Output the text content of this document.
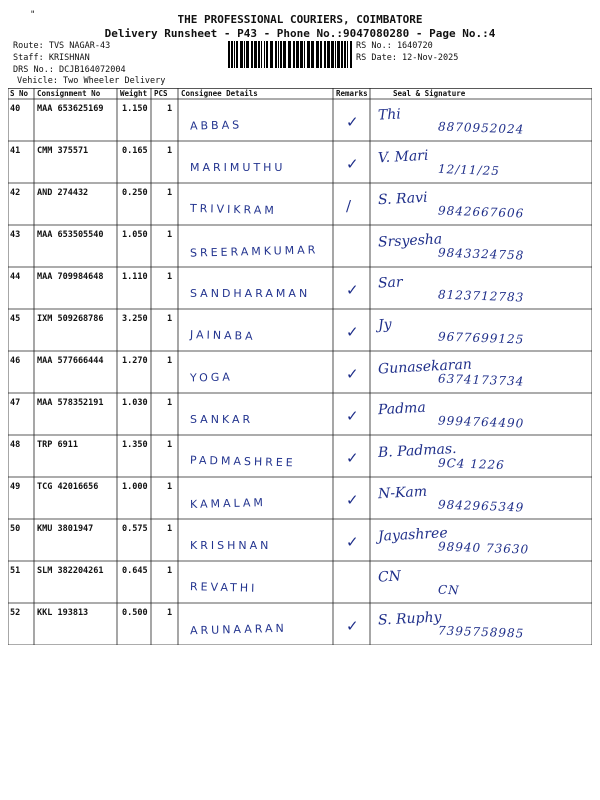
"	THE PROFESSIONAL COURIERS, COIMBATORE
Delivery Runsheet - P43 - Phone No.:9047080280 - Page No.:4
Route: TVS NAGAR-43
Staff: KRISHNAN
DRS No.: DCJB164072004
Vehicle: Two Wheeler Delivery
RS No.: 1640720
RS Date: 12-Nov-2025
S No Consignment No	Weight PCS Consignee Details	Remarks	Seal & Signature
40 MAA 653625169 1.150 1
ABBAS	✓ Thi
8870952024
41 CMM 375571	0.165 1
MARIMUTHU	✓ V. Mari
12/11/25
42 AND 274432	0.250 1
TRIVIKRAM	/ S. Ravi
9842667606
43 MAA 653505540 1.050 1
SREERAMKUMAR
Srsyesha
9843324758
44 MAA 709984648 1.110 1
SANDHARAMAN ✓ Sar
8123712783
45 IXM 509268786 3.250 1
JAINABA	✓ Jy
9677699125
46 MAA 577666444 1.270 1
YOGA	✓ Gunasekaran
6374173734
47 MAA 578352191 1.030 1
SANKAR	✓ Padma
9994764490
48 TRP 6911	1.350 1
PADMASHREE	✓ B. Padmas.
9C4 1226
49 TCG 42016656	1.000 1
KAMALAM	✓ N-Kam
9842965349
50 KMU 3801947	0.575 1
KRISHNAN	✓ Jayashree
98940 73630
51 SLM 382204261 0.645 1
REVATHI
CN
CN
52 KKL 193813	0.500 1
ARUNAARAN	✓ S. Ruphy
7395758985
